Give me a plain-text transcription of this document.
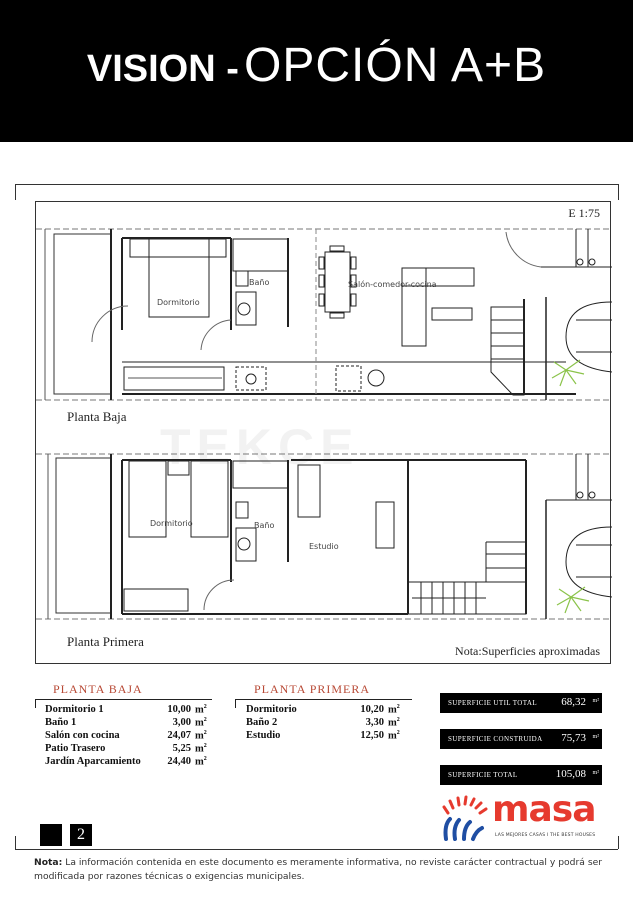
VISION - OPCIÓN A+B
TEKCE
Dormitorio
Baño	Salón-comedor-cocina
Dormitorio	Baño
Estudio
E 1:75
Planta Baja
Planta Primera
Nota:Superficies aproximadas
PLANTA BAJA
Dormitorio 1	10,00 $m^2$
Baño 1	3,00 $m^2$
Salón con cocina	24,07 $m^2$
Patio Trasero	5,25 $m^2$
Jardín Aparcamiento	24,40 $m^2$
PLANTA PRIMERA
Dormitorio	10,20 $m^2$
Baño 2	3,30 $m^2$
Estudio	12,50 $m^2$
SUPERFICIE UTIL TOTAL 68,32 m²
SUPERFICIE CONSTRUIDA 75,73 m²
SUPERFICIE TOTAL	105,08 m²
masa
LAS MEJORES CASAS I THE BEST HOUSES
2
Nota: La información contenida en este documento es meramente informativa, no reviste carácter contractual y podrá ser modificada por razones técnicas o exigencias municipales.
